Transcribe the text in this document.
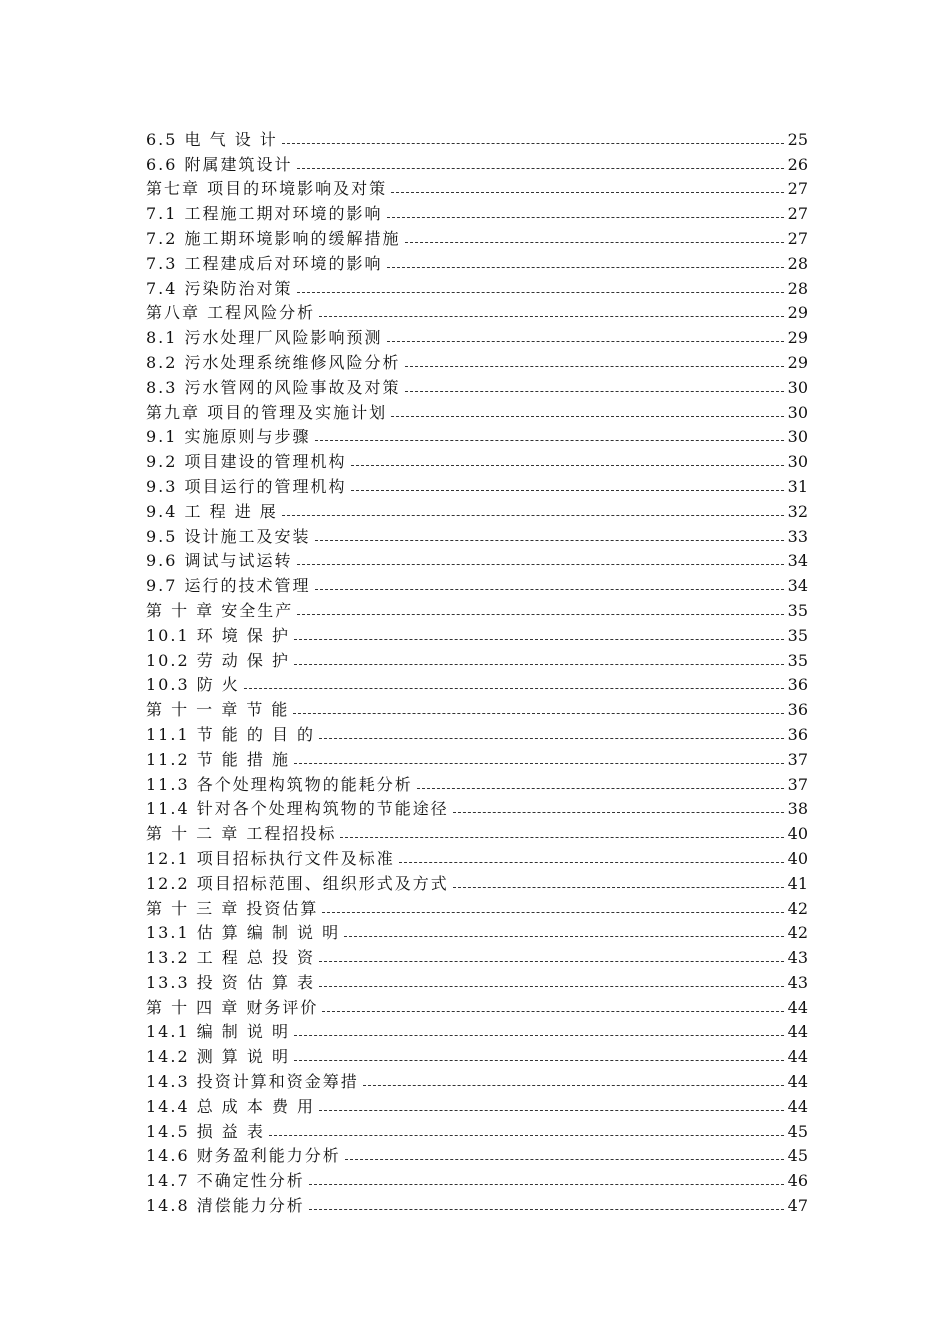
6.5 电 气 设 计	25
6.6 附属建筑设计	26
第七章 项目的环境影响及对策	27
7.1 工程施工期对环境的影响	27
7.2 施工期环境影响的缓解措施	27
7.3 工程建成后对环境的影响	28
7.4 污染防治对策	28
第八章 工程风险分析	29
8.1 污水处理厂风险影响预测	29
8.2 污水处理系统维修风险分析	29
8.3 污水管网的风险事故及对策	30
第九章 项目的管理及实施计划	30
9.1 实施原则与步骤	30
9.2 项目建设的管理机构	30
9.3 项目运行的管理机构	31
9.4 工 程 进 展	32
9.5 设计施工及安装	33
9.6 调试与试运转	34
9.7 运行的技术管理	34
第 十 章 安全生产	35
10.1 环 境 保 护	35
10.2 劳 动 保 护	35
10.3 防 火	36
第 十 一 章 节 能	36
11.1 节 能 的 目 的	36
11.2 节 能 措 施	37
11.3 各个处理构筑物的能耗分析	37
11.4 针对各个处理构筑物的节能途径	38
第 十 二 章 工程招投标	40
12.1 项目招标执行文件及标准	40
12.2 项目招标范围、组织形式及方式	41
第 十 三 章 投资估算	42
13.1 估 算 编 制 说 明	42
13.2 工 程 总 投 资	43
13.3 投 资 估 算 表	43
第 十 四 章 财务评价	44
14.1 编 制 说 明	44
14.2 测 算 说 明	44
14.3 投资计算和资金筹措	44
14.4 总 成 本 费 用	44
14.5 损 益 表	45
14.6 财务盈利能力分析	45
14.7 不确定性分析	46
14.8 清偿能力分析	47
